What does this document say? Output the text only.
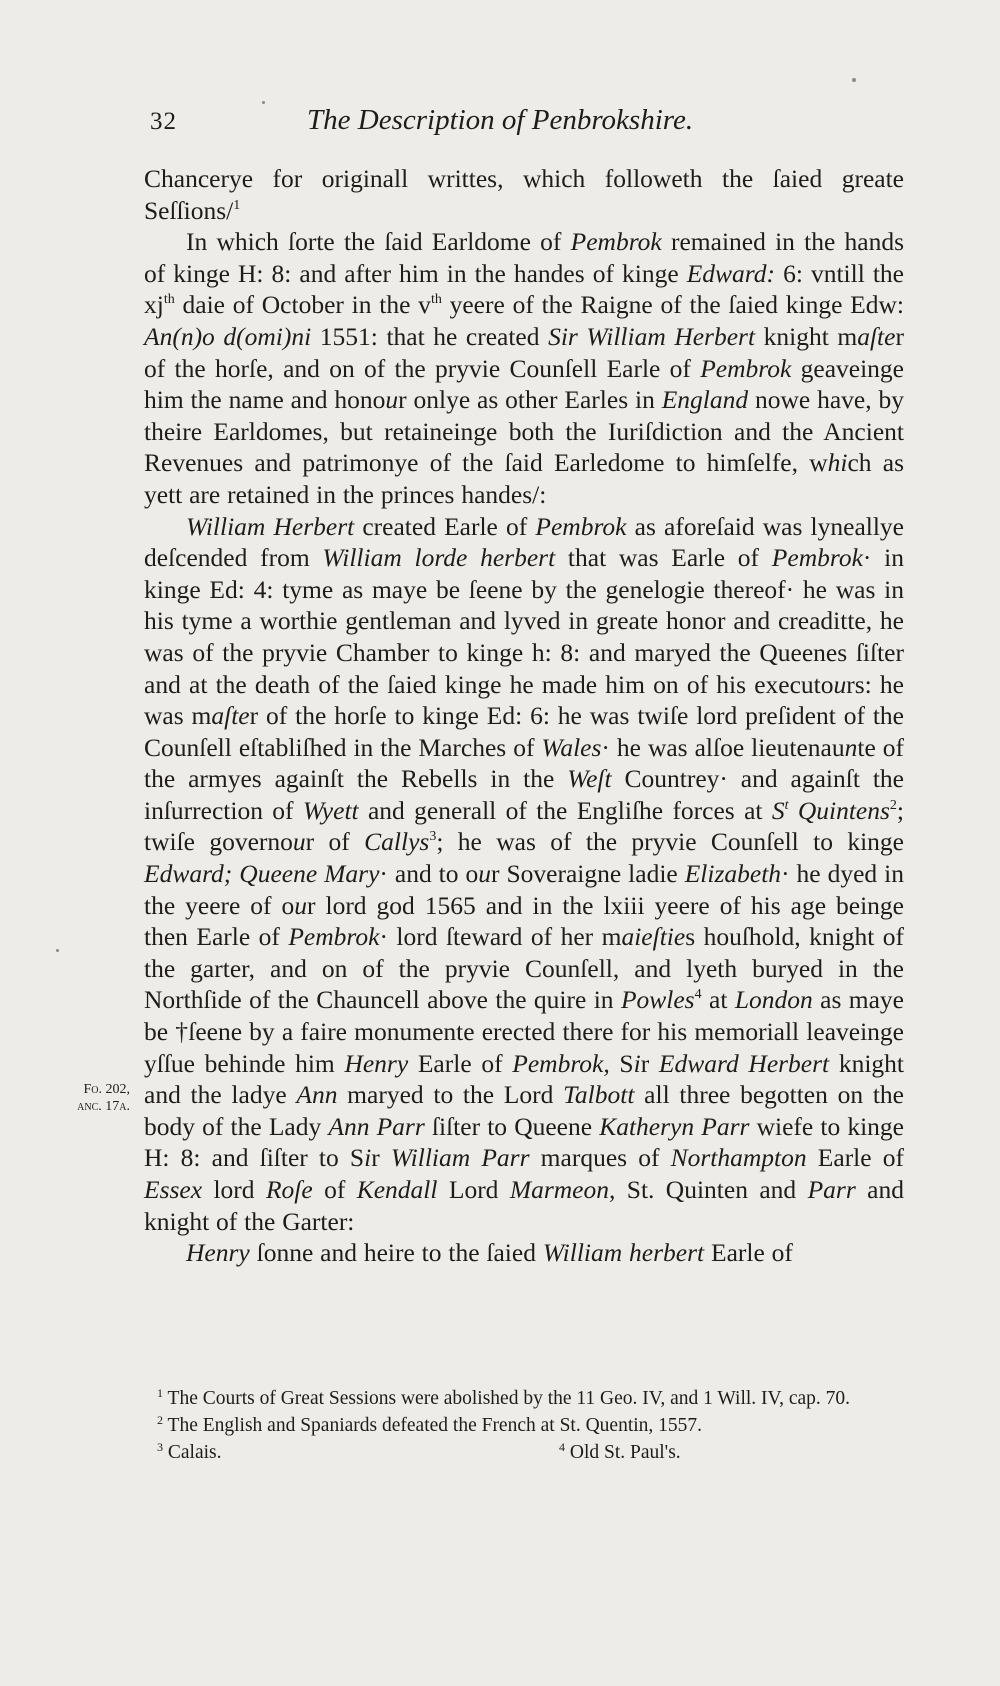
32	The Description of Penbrokshire.

Chancerye for originall writtes, which followeth the ſaied greate Seſſions/$^1$

In which ſorte the ſaid Earldome of Pembrok remained in the hands of kinge H: 8: and after him in the handes of kinge Edward: 6: vntill the $xj^{th}$ daie of October in the $v^{th}$ yeere of the Raigne of the ſaied kinge Edw: An(n)o d(omi)ni 1551: that he created Sir William Herbert knight maſter of the horſe, and on of the pryvie Counſell Earle of Pembrok geaveinge him the name and honour onlye as other Earles in England nowe have, by theire Earldomes, but retaineinge both the Iuriſdiction and the Ancient Revenues and patrimonye of the ſaid Earledome to himſelfe, which as yett are retained in the princes handes/:

William Herbert created Earle of Pembrok as aforeſaid was lyneallye deſcended from William lorde herbert that was Earle of Pembrok· in kinge Ed: 4: tyme as maye be ſeene by the genelogie thereof· he was in his tyme a worthie gentleman and lyved in greate honor and creaditte, he was of the pryvie Chamber to kinge h: 8: and maryed the Queenes ſiſter and at the death of the ſaied kinge he made him on of his executours: he was maſter of the horſe to kinge Ed: 6: he was twiſe lord preſident of the Counſell eſtabliſhed in the Marches of Wales· he was alſoe lieutenaunte of the armyes againſt the Rebells in the Weſt Countrey· and againſt the inſurrection of Wyett and generall of the Engliſhe forces at $S^t$ Quintens$^2$; twiſe governour of Callys$^3$; he was of the pryvie Counſell to kinge Edward; Queene Mary· and to our Soveraigne ladie Elizabeth· he dyed in the yeere of our lord god 1565 and in the lxiii yeere of his age beinge then Earle of Pembrok· lord ſteward of her maieſties houſhold, knight of the garter, and on of the pryvie Counſell, and lyeth buryed in the Northſide of the Chauncell above the quire in Powles$^4$ at London as maye be †ſeene by a faire monumente erected there for his memoriall leaveinge yſſue behinde him Henry Earle of Pembrok, Sir Edward Herbert knight and the ladye Ann maryed to the Lord Talbott all three begotten on the body of the Lady Ann Parr ſiſter to Queene Katheryn Parr wiefe to kinge H: 8: and ſiſter to Sir William Parr marques of Northampton Earle of Essex lord Roſe of Kendall Lord Marmeon, St. Quinten and Parr and knight of the Garter:

Henry ſonne and heire to the ſaied William herbert Earle of

Fo. 202,
anc. 17a.

$^1$ The Courts of Great Sessions were abolished by the 11 Geo. IV, and 1 Will. IV, cap. 70.

$^2$ The English and Spaniards defeated the French at St. Quentin, 1557.

$^3$ Calais.	$^4$ Old St. Paul's.
